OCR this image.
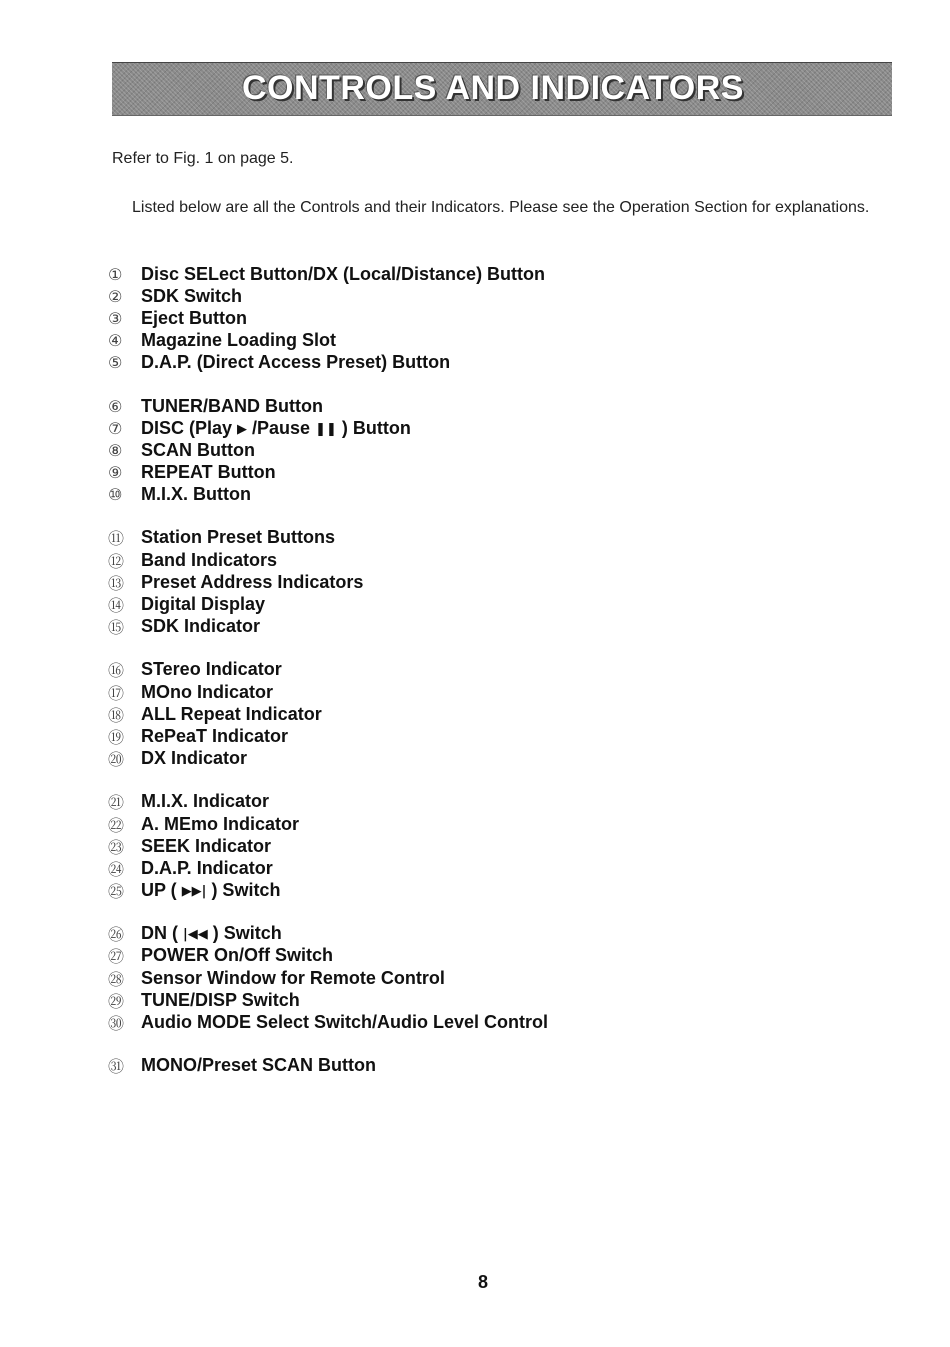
CONTROLS AND INDICATORS
Refer to Fig. 1 on page 5.
Listed below are all the Controls and their Indicators. Please see the Operation Section for explanations.
①	Disc SELect Button/DX (Local/Distance) Button
②	SDK Switch
③	Eject Button
④	Magazine Loading Slot
⑤	D.A.P. (Direct Access Preset) Button
⑥	TUNER/BAND Button
⑦	DISC (Play ▶ /Pause ❚❚ ) Button
⑧	SCAN Button
⑨	REPEAT Button
⑩	M.I.X. Button
⑪ Station Preset Buttons
⑫ Band Indicators
⑬ Preset Address Indicators
⑭ Digital Display
⑮ SDK Indicator
⑯ STereo Indicator
⑰ MOno Indicator
⑱ ALL Repeat Indicator
⑲ RePeaT Indicator
⑳ DX Indicator
㉑ M.I.X. Indicator
㉒ A. MEmo Indicator
㉓ SEEK Indicator
㉔ D.A.P. Indicator
㉕ UP ( ▶▶| ) Switch
㉖ DN ( |◀◀ ) Switch
㉗ POWER On/Off Switch
㉘ Sensor Window for Remote Control
㉙ TUNE/DISP Switch
㉚ Audio MODE Select Switch/Audio Level Control
㉛ MONO/Preset SCAN Button
8
